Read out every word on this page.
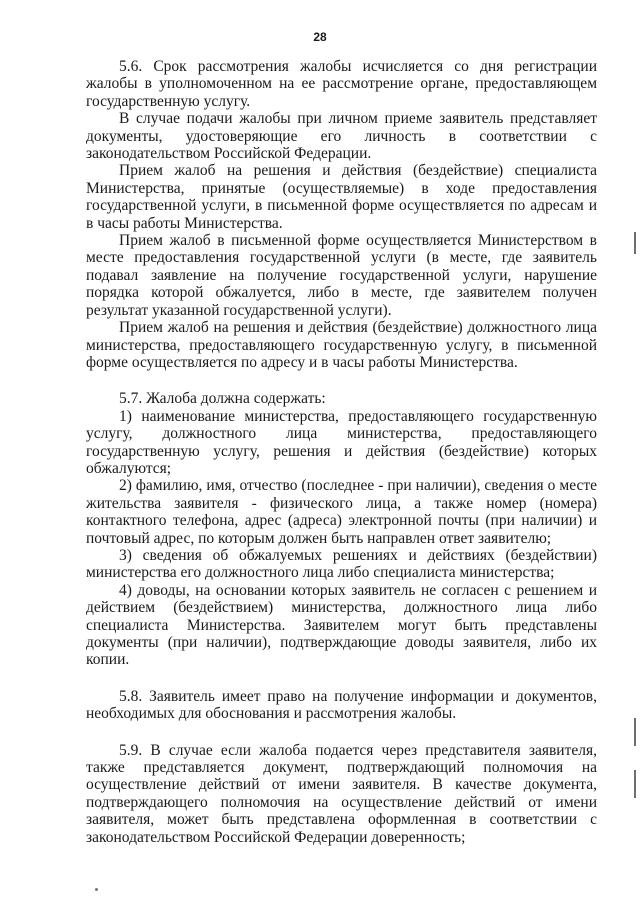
28

5.6. Срок рассмотрения жалобы исчисляется со дня регистрации жалобы в уполномоченном на ее рассмотрение органе, предоставляющем государственную услугу.

В случае подачи жалобы при личном приеме заявитель представляет документы, удостоверяющие его личность в соответствии с законодательством Российской Федерации.

Прием жалоб на решения и действия (бездействие) специалиста Министерства, принятые (осуществляемые) в ходе предоставления государственной услуги, в письменной форме осуществляется по адресам и в часы работы Министерства.

Прием жалоб в письменной форме осуществляется Министерством в месте предоставления государственной услуги (в месте, где заявитель подавал заявление на получение государственной услуги, нарушение порядка которой обжалуется, либо в месте, где заявителем получен результат указанной государственной услуги).

Прием жалоб на решения и действия (бездействие) должностного лица министерства, предоставляющего государственную услугу, в письменной форме осуществляется по адресу и в часы работы Министерства.

5.7. Жалоба должна содержать:

1) наименование министерства, предоставляющего государственную услугу, должностного лица министерства, предоставляющего государственную услугу, решения и действия (бездействие) которых обжалуются;

2) фамилию, имя, отчество (последнее - при наличии), сведения о месте жительства заявителя - физического лица, а также номер (номера) контактного телефона, адрес (адреса) электронной почты (при наличии) и почтовый адрес, по которым должен быть направлен ответ заявителю;

3) сведения об обжалуемых решениях и действиях (бездействии) министерства его должностного лица либо специалиста министерства;

4) доводы, на основании которых заявитель не согласен с решением и действием (бездействием) министерства, должностного лица либо специалиста Министерства. Заявителем могут быть представлены документы (при наличии), подтверждающие доводы заявителя, либо их копии.

5.8. Заявитель имеет право на получение информации и документов, необходимых для обоснования и рассмотрения жалобы.

5.9. В случае если жалоба подается через представителя заявителя, также представляется документ, подтверждающий полномочия на осуществление действий от имени заявителя. В качестве документа, подтверждающего полномочия на осуществление действий от имени заявителя, может быть представлена оформленная в соответствии с законодательством Российской Федерации доверенность;
